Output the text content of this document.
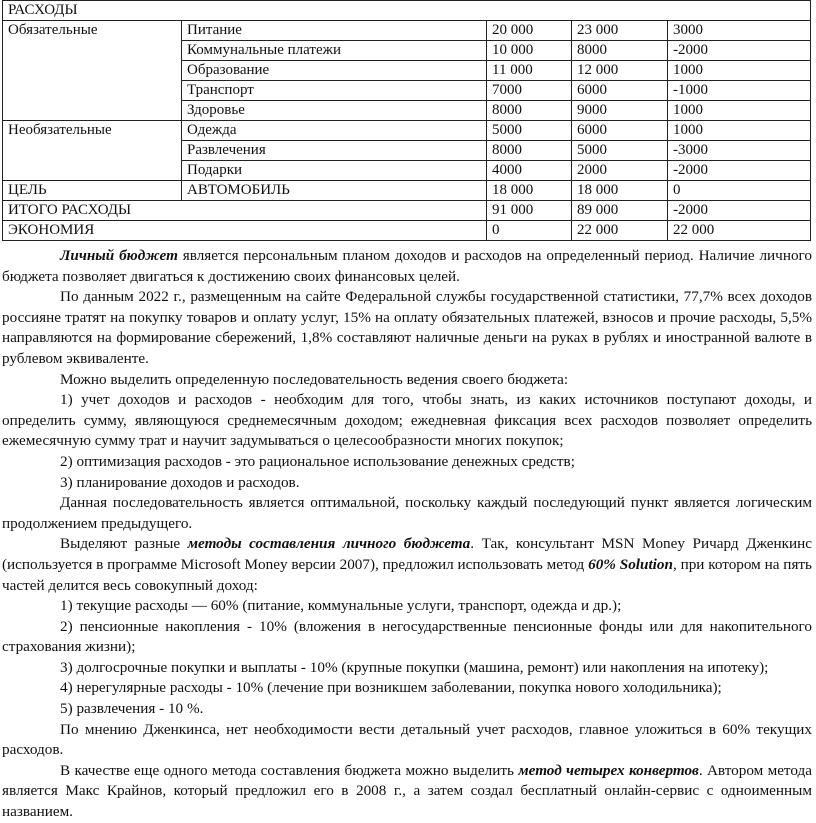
РАСХОДЫ				
Обязательные	Питание	20 000	23 000	3000
	Коммунальные платежи	10 000	8000	-2000
	Образование	11 000	12 000	1000
	Транспорт	7000	6000	-1000
	Здоровье	8000	9000	1000
Необязательные	Одежда	5000	6000	1000
	Развлечения	8000	5000	-3000
	Подарки	4000	2000	-2000
ЦЕЛЬ	АВТОМОБИЛЬ	18 000	18 000	0
ИТОГО РАСХОДЫ		91 000	89 000	-2000
ЭКОНОМИЯ		0	22 000	22 000

Личный бюджет является персональным планом доходов и расходов на определенный период. Наличие личного бюджета позволяет двигаться к достижению своих финансовых целей.

По данным 2022 г., размещенным на сайте Федеральной службы государственной статистики, 77,7% всех доходов россияне тратят на покупку товаров и оплату услуг, 15% на оплату обязательных платежей, взносов и прочие расходы, 5,5% направляются на формирование сбережений, 1,8% составляют наличные деньги на руках в рублях и иностранной валюте в рублевом эквиваленте.

Можно выделить определенную последовательность ведения своего бюджета:

1) учет доходов и расходов - необходим для того, чтобы знать, из каких источников поступают доходы, и определить сумму, являющуюся среднемесячным доходом; ежедневная фиксация всех расходов позволяет определить ежемесячную сумму трат и научит задумываться о целесообразности многих покупок;

2) оптимизация расходов - это рациональное использование денежных средств;

3) планирование доходов и расходов.

Данная последовательность является оптимальной, поскольку каждый последующий пункт является логическим продолжением предыдущего.

Выделяют разные методы составления личного бюджета. Так, консультант MSN Money Ричард Дженкинс (используется в программе Microsoft Money версии 2007), предложил использовать метод 60% Solution, при котором на пять частей делится весь совокупный доход:

1) текущие расходы — 60% (питание, коммунальные услуги, транспорт, одежда и др.);

2) пенсионные накопления - 10% (вложения в негосударственные пенсионные фонды или для накопительного страхования жизни);

3) долгосрочные покупки и выплаты - 10% (крупные покупки (машина, ремонт) или накопления на ипотеку);

4) нерегулярные расходы - 10% (лечение при возникшем заболевании, покупка нового холодильника);

5) развлечения - 10 %.

По мнению Дженкинса, нет необходимости вести детальный учет расходов, главное уложиться в 60% текущих расходов.

В качестве еще одного метода составления бюджета можно выделить метод четырех конвертов. Автором метода является Макс Крайнов, который предложил его в 2008 г., а затем создал бесплатный онлайн-сервис с одноименным названием.
